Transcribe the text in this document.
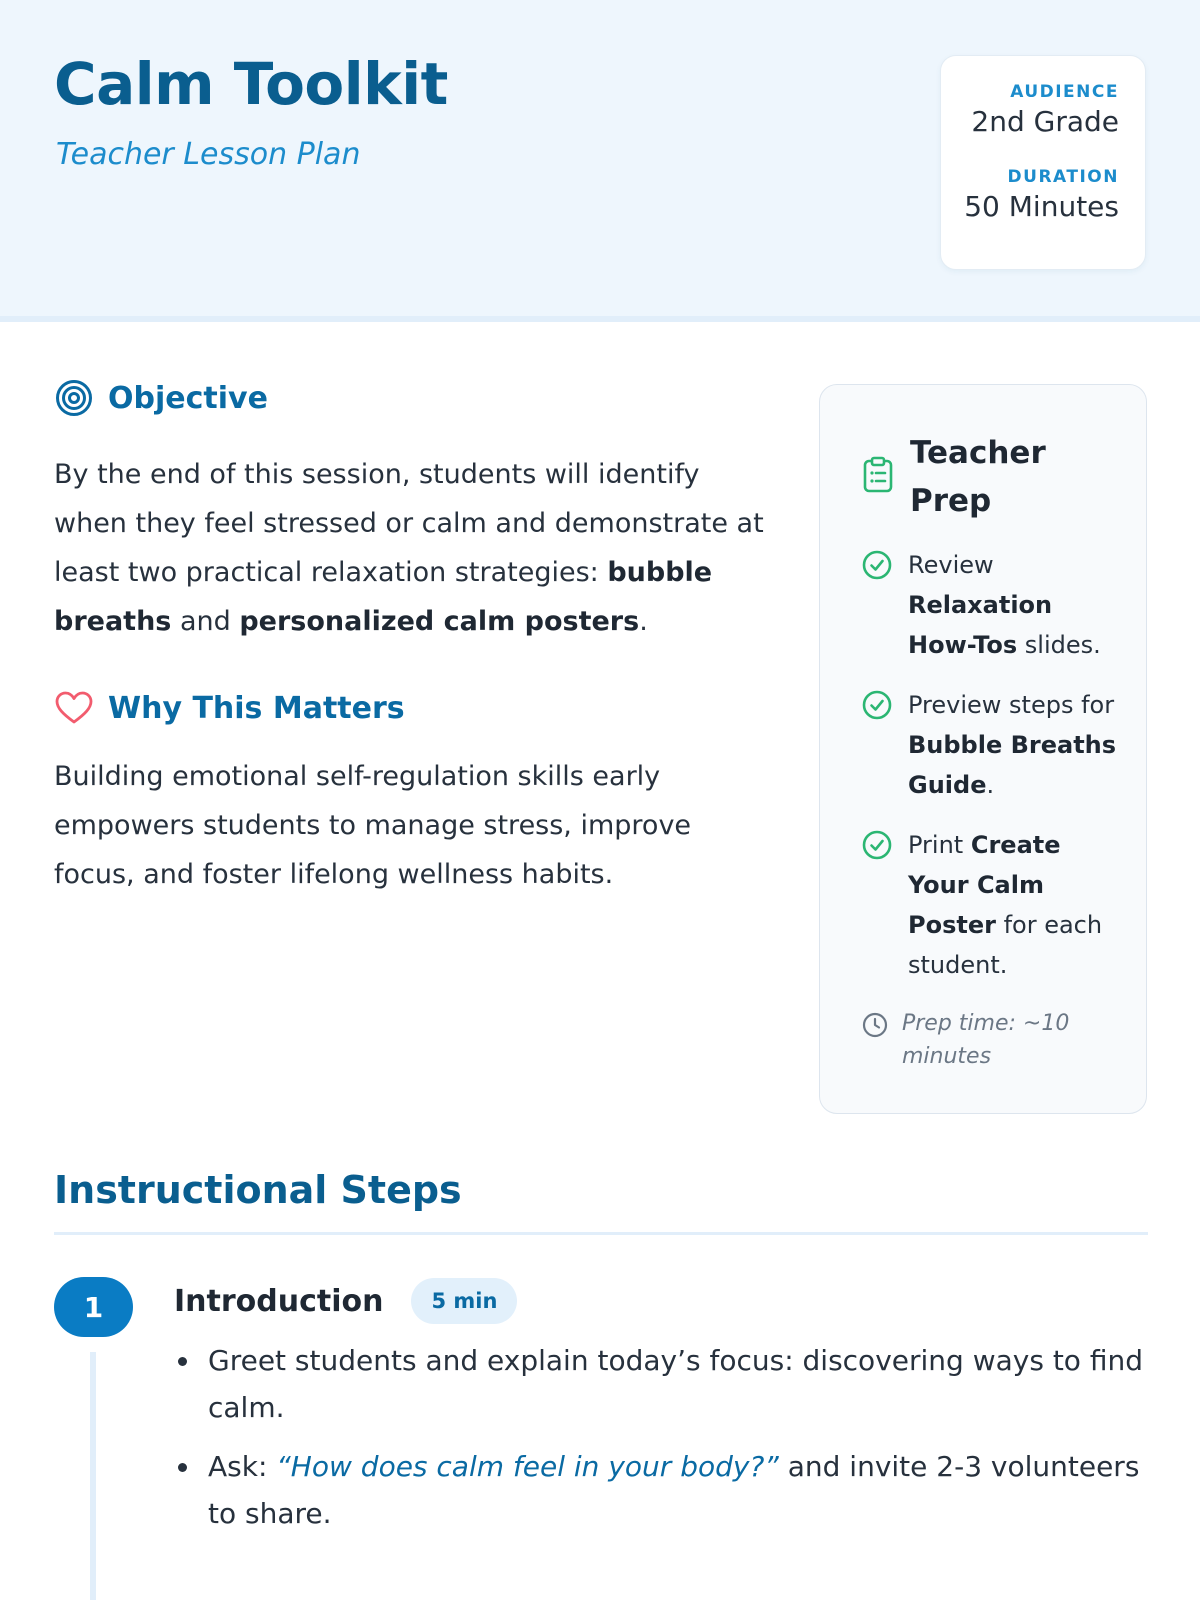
Calm Toolkit
Teacher Lesson Plan
AUDIENCE
2nd Grade
DURATION
50 Minutes
Objective

By the end of this session, students will identify when they feel stressed or calm and demonstrate at least two practical relaxation strategies: bubble breaths and personalized calm posters.

Why This Matters

Building emotional self-regulation skills early empowers students to manage stress, improve focus, and foster lifelong wellness habits.

Teacher Prep
Review Relaxation How-Tos slides.
Preview steps for Bubble Breaths Guide.
Print Create Your Calm Poster for each student.
Prep time: ~10 minutes
Instructional Steps
1	Introduction	5 min
Greet students and explain today’s focus: discovering ways to find calm.
Ask: “How does calm feel in your body?” and invite 2-3 volunteers to share.
